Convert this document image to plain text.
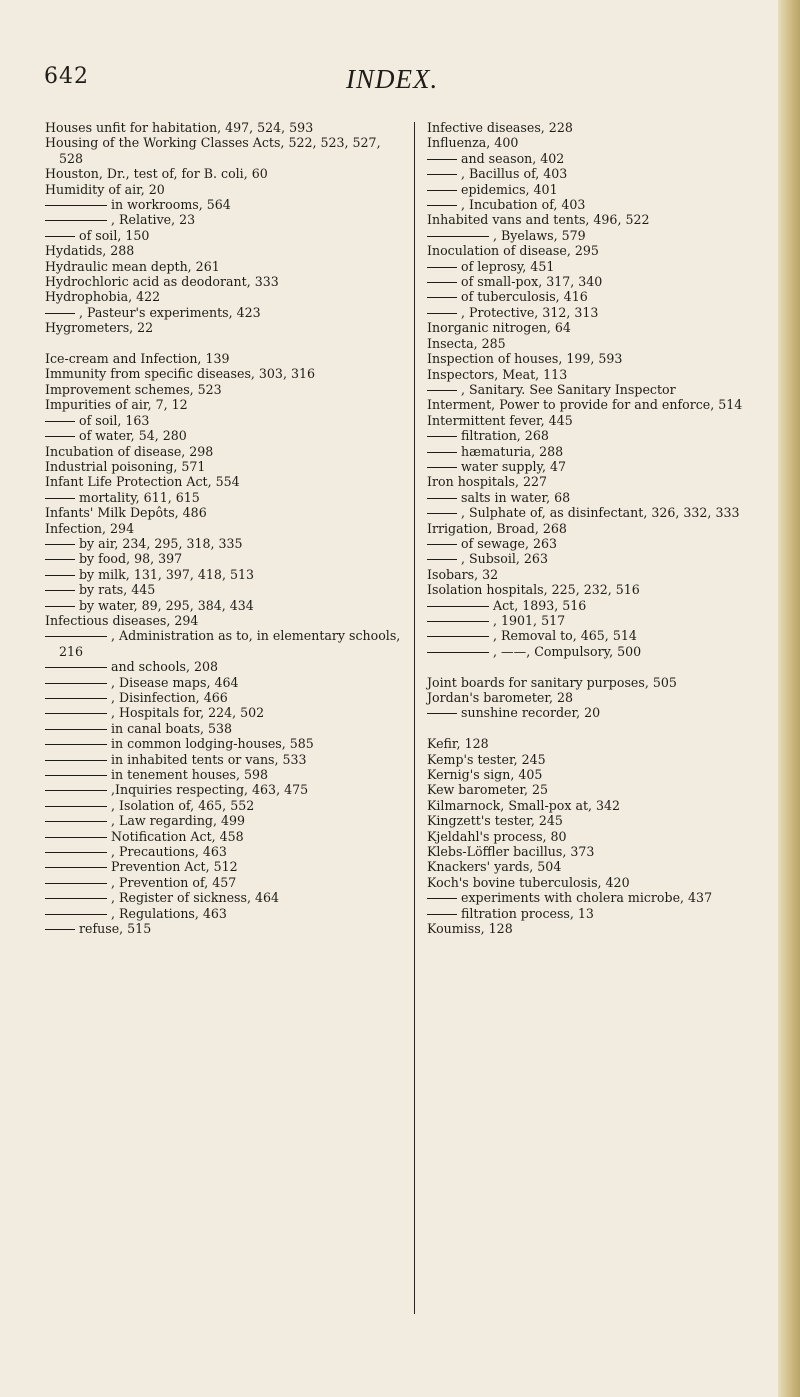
642	INDEX.
Houses unfit for habitation, 497, 524, 593
Housing of the Working Classes Acts, 522, 523, 527, 528
Houston, Dr., test of, for B. coli, 60
Humidity of air, 20
in workrooms, 564
, Relative, 23
of soil, 150
Hydatids, 288
Hydraulic mean depth, 261
Hydrochloric acid as deodorant, 333
Hydrophobia, 422
, Pasteur's experiments, 423
Hygrometers, 22
Ice-cream and Infection, 139
Immunity from specific diseases, 303, 316
Improvement schemes, 523
Impurities of air, 7, 12
of soil, 163
of water, 54, 280
Incubation of disease, 298
Industrial poisoning, 571
Infant Life Protection Act, 554
mortality, 611, 615
Infants' Milk Depôts, 486
Infection, 294
by air, 234, 295, 318, 335
by food, 98, 397
by milk, 131, 397, 418, 513
by rats, 445
by water, 89, 295, 384, 434
Infectious diseases, 294
, Administration as to, in elementary schools, 216
and schools, 208
, Disease maps, 464
, Disinfection, 466
, Hospitals for, 224, 502
in canal boats, 538
in common lodging-houses, 585
in inhabited tents or vans, 533
in tenement houses, 598
,Inquiries respecting, 463, 475
, Isolation of, 465, 552
, Law regarding, 499
Notification Act, 458
, Precautions, 463
Prevention Act, 512
, Prevention of, 457
, Register of sickness, 464
, Regulations, 463
refuse, 515
Infective diseases, 228
Influenza, 400
and season, 402
, Bacillus of, 403
epidemics, 401
, Incubation of, 403
Inhabited vans and tents, 496, 522
, Byelaws, 579
Inoculation of disease, 295
of leprosy, 451
of small-pox, 317, 340
of tuberculosis, 416
, Protective, 312, 313
Inorganic nitrogen, 64
Insecta, 285
Inspection of houses, 199, 593
Inspectors, Meat, 113
, Sanitary. See Sanitary Inspector
Interment, Power to provide for and enforce, 514
Intermittent fever, 445
filtration, 268
hæmaturia, 288
water supply, 47
Iron hospitals, 227
salts in water, 68
, Sulphate of, as disinfectant, 326, 332, 333
Irrigation, Broad, 268
of sewage, 263
, Subsoil, 263
Isobars, 32
Isolation hospitals, 225, 232, 516
Act, 1893, 516
, 1901, 517
, Removal to, 465, 514
, ——, Compulsory, 500
Joint boards for sanitary purposes, 505
Jordan's barometer, 28
sunshine recorder, 20
Kefir, 128
Kemp's tester, 245
Kernig's sign, 405
Kew barometer, 25
Kilmarnock, Small-pox at, 342
Kingzett's tester, 245
Kjeldahl's process, 80
Klebs-Löffler bacillus, 373
Knackers' yards, 504
Koch's bovine tuberculosis, 420
experiments with cholera microbe, 437
filtration process, 13
Koumiss, 128
